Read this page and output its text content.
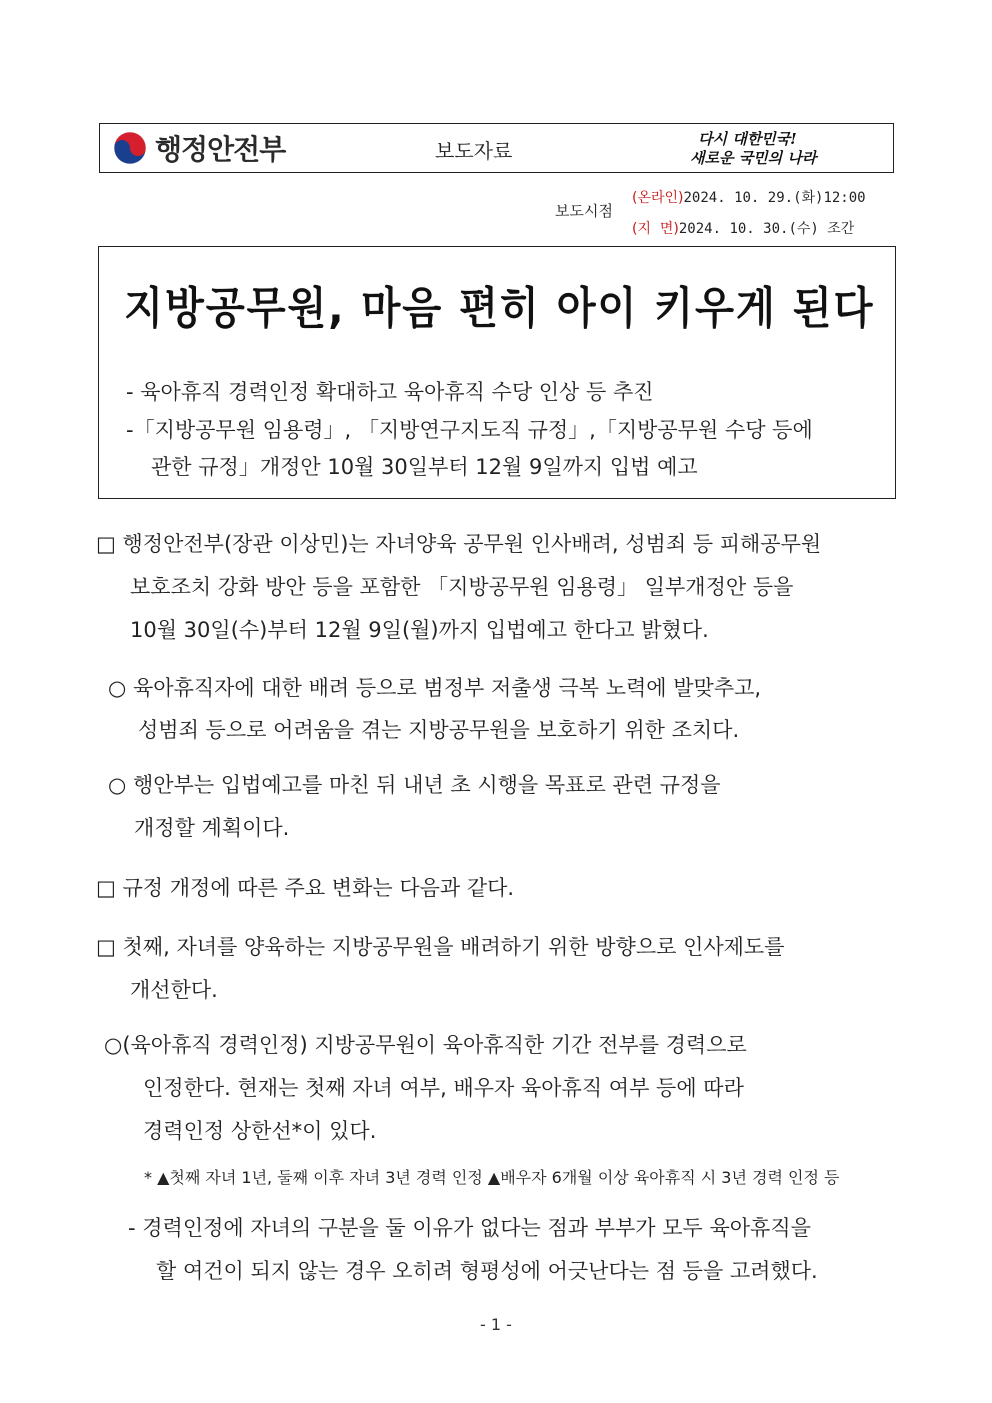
행정안전부	보도자료	다시 대한민국!
새로운 국민의 나라
보도시점
(온라인)2024. 10. 29.(화)12:00
(지  면)2024. 10. 30.(수) 조간
지방공무원, 마음 편히 아이 키우게 된다
- 육아휴직 경력인정 확대하고 육아휴직 수당 인상 등 추진
-「지방공무원 임용령」, 「지방연구지도직 규정」,「지방공무원 수당 등에
관한 규정」개정안 10월 30일부터 12월 9일까지 입법 예고
□ 행정안전부(장관 이상민)는 자녀양육 공무원 인사배려, 성범죄 등 피해공무원
보호조치 강화 방안 등을 포함한 「지방공무원 임용령」 일부개정안 등을
10월 30일(수)부터 12월 9일(월)까지 입법예고 한다고 밝혔다.
○ 육아휴직자에 대한 배려 등으로 범정부 저출생 극복 노력에 발맞추고,
성범죄 등으로 어려움을 겪는 지방공무원을 보호하기 위한 조치다.
○ 행안부는 입법예고를 마친 뒤 내년 초 시행을 목표로 관련 규정을
개정할 계획이다.
□ 규정 개정에 따른 주요 변화는 다음과 같다.
□ 첫째, 자녀를 양육하는 지방공무원을 배려하기 위한 방향으로 인사제도를
개선한다.
○(육아휴직 경력인정) 지방공무원이 육아휴직한 기간 전부를 경력으로
인정한다. 현재는 첫째 자녀 여부, 배우자 육아휴직 여부 등에 따라
경력인정 상한선*이 있다.
* ▲첫째 자녀 1년, 둘째 이후 자녀 3년 경력 인정 ▲배우자 6개월 이상 육아휴직 시 3년 경력 인정 등
- 경력인정에 자녀의 구분을 둘 이유가 없다는 점과 부부가 모두 육아휴직을
할 여건이 되지 않는 경우 오히려 형평성에 어긋난다는 점 등을 고려했다.
- 1 -
